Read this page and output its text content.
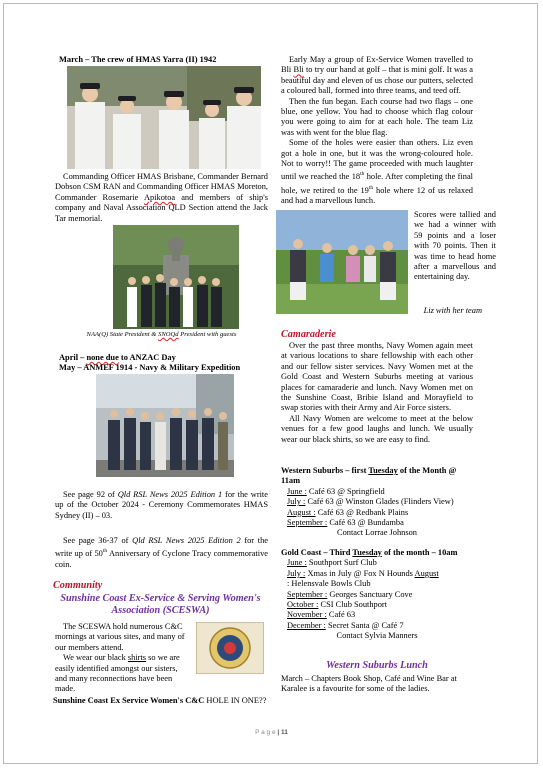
March – The crew of HMAS Yarra (II) 1942

Commanding Officer HMAS Brisbane, Commander Bernard Dobson CSM RAN and Commanding Officer HMAS Moreton, Commander Rosemarie Apikotoa and members of ship's company and Naval Association QLD Section attend the Jack Tar memorial.

NAA(Q) State President & SNOQd President with guests

April – none due to ANZAC Day

May – ANMEF 1914 - Navy & Military Expedition

See page 92 of Qld RSL News 2025 Edition 1 for the write up of the October 2024 - Ceremony Commemorates HMAS Sydney (II) – 03.

See page 36-37 of Qld RSL News 2025 Edition 2 for the write up of 50th Anniversary of Cyclone Tracy commemorative coin.

Community

Sunshine Coast Ex-Service & Serving Women's Association (SCESWA)

The SCESWA hold numerous C&C mornings at various sites, and many of our members attend.

We wear our black shirts so we are easily identified amongst our sisters, and many reconnections have been made.

Sunshine Coast Ex Service Women's C&C HOLE IN ONE??

Early May a group of Ex-Service Women travelled to Bli Bli to try our hand at golf – that is mini golf. It was a beautiful day and eleven of us chose our putters, selected a coloured ball, formed into three teams, and teed off.

Then the fun began. Each course had two flags – one blue, one yellow. You had to choose which flag colour you were going to aim for at each hole. The team Liz was with went for the blue flag.

Some of the holes were easier than others. Liz even got a hole in one, but it was the wrong-coloured hole. Not to worry!! The game proceeded with much laughter until we reached the 18th hole. After completing the final hole, we retired to the 19th hole where 12 of us relaxed and had a marvellous lunch.

Scores were tallied and we had a winner with 59 points and a loser with 70 points. Then it was time to head home after a marvellous and entertaining day.

Liz with her team

Camaraderie

Over the past three months, Navy Women again meet at various locations to share fellowship with each other and our fellow sister services. Navy Women met at the Gold Coast and Western Suburbs meeting at various places for camaraderie and lunch. Navy Women met on the Sunshine Coast, Bribie Island and Morayfield to swap stories with their Army and Air Force sisters.

All Navy Women are welcome to meet at the below venues for a few good laughs and lunch. We usually wear our black shirts, so we are easy to find.

Western Suburbs – first Tuesday of the Month @ 11am

June : Café 63 @ Springfield
July : Café 63 @ Winston Glades (Flinders View)
August : Café 63 @ Redbank Plains
September : Café 63 @ Bundamba

Contact Lorrae Johnson

Gold Coast – Third Tuesday of the month – 10am

June : Southport Surf Club
July : Xmas in July @ Fox N Hounds August
: Helensvale Bowls Club
September : Georges Sanctuary Cove
October : CSI Club Southport
November : Café 63
December : Secret Santa @ Café 7

Contact Sylvia Manners

Western Suburbs Lunch

March – Chapters Book Shop, Café and Wine Bar at Karalee is a favourite for some of the ladies.

P a g e | 11
